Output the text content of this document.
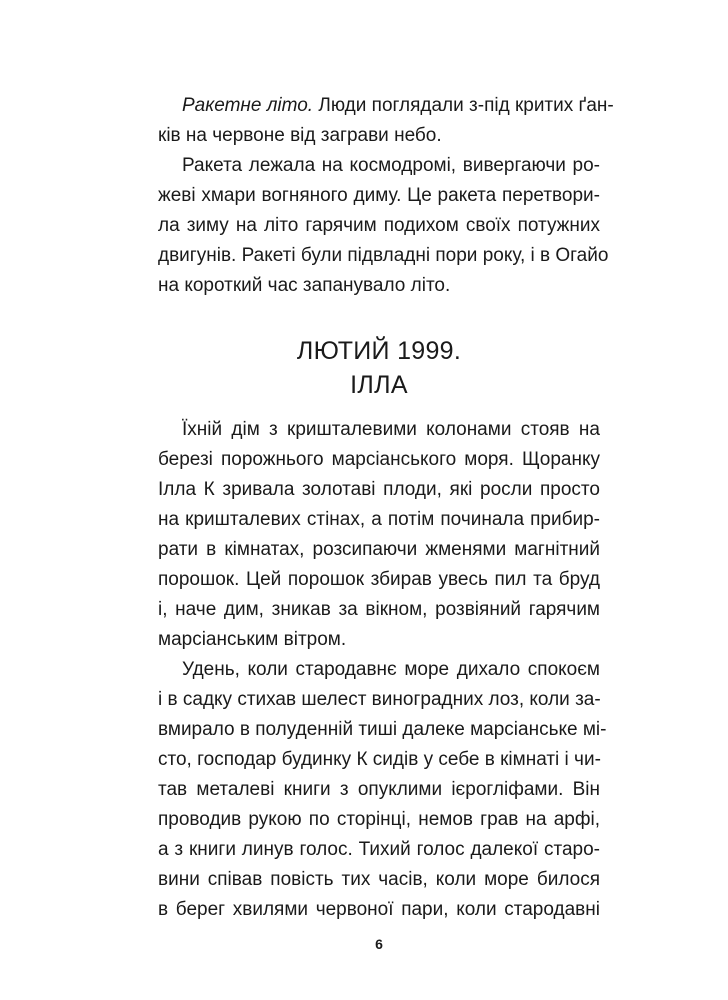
Ракетне літо. Люди поглядали з-під критих ґан-
ків на червоне від заграви небо.
Ракета лежала на космодромі, вивергаючи ро-
жеві хмари вогняного диму. Це ракета перетвори-
ла зиму на літо гарячим подихом своїх потужних
двигунів. Ракеті були підвладні пори року, і в Огайо
на короткий час запанувало літо.
ЛЮТИЙ 1999.
ІЛЛА
Їхній дім з кришталевими колонами стояв на
березі порожнього марсіанського моря. Щоранку
Ілла К зривала золотаві плоди, які росли просто
на кришталевих стінах, а потім починала прибир-
рати в кімнатах, розсипаючи жменями магнітний
порошок. Цей порошок збирав увесь пил та бруд
і, наче дим, зникав за вікном, розвіяний гарячим
марсіанським вітром.
Удень, коли стародавнє море дихало спокоєм
і в садку стихав шелест виноградних лоз, коли за-
вмирало в полуденній тиші далеке марсіанське мі-
сто, господар будинку К сидів у себе в кімнаті і чи-
тав металеві книги з опуклими ієрогліфами. Він
проводив рукою по сторінці, немов грав на арфі,
а з книги линув голос. Тихий голос далекої старо-
вини співав повість тих часів, коли море билося
в берег хвилями червоної пари, коли стародавні
6
